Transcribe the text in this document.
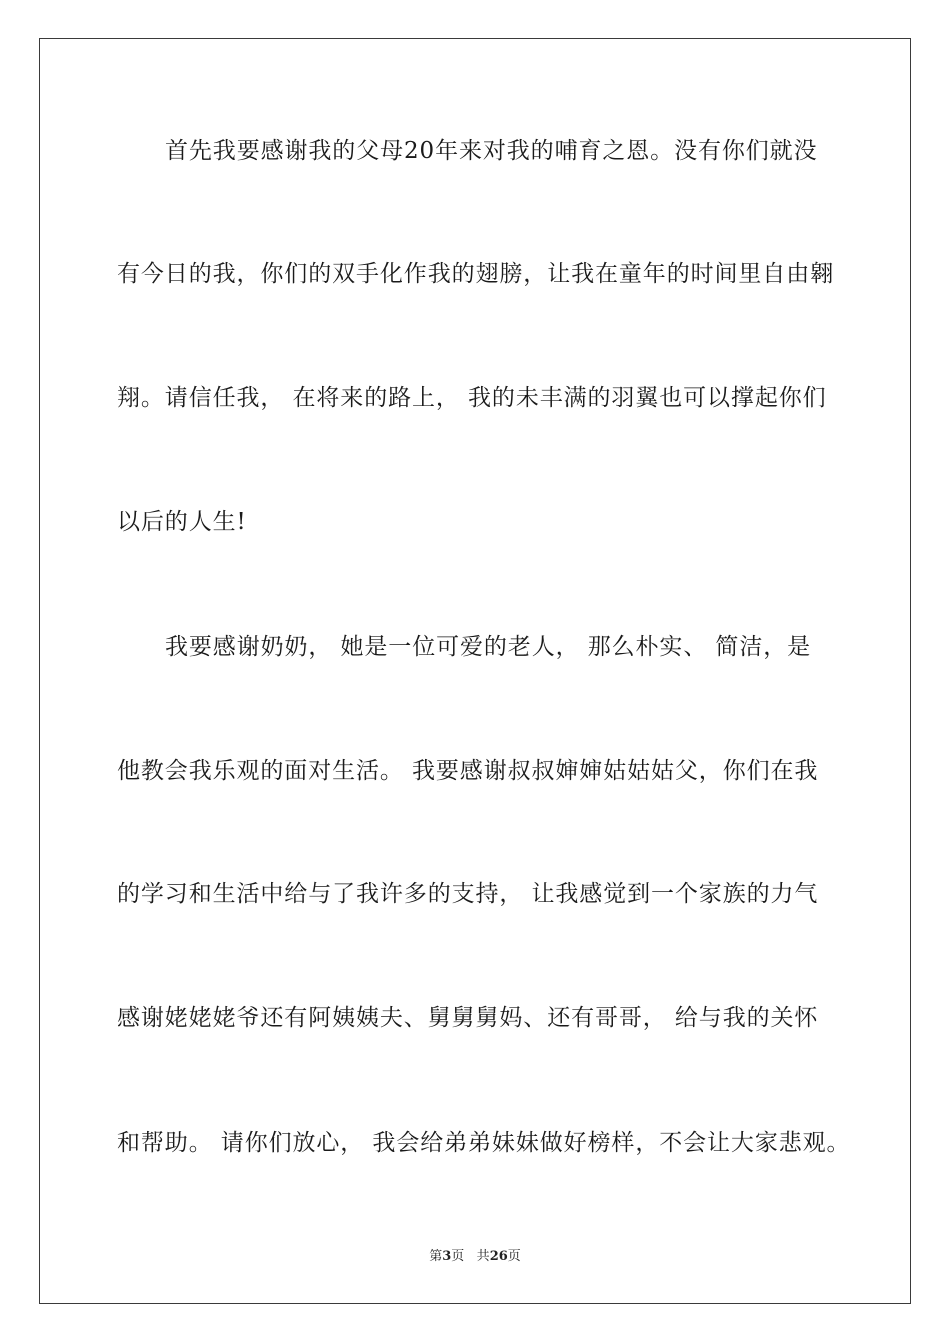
首先我要感谢我的父母20年来对我的哺育之恩。没有你们就没
有今日的我，你们的双手化作我的翅膀，让我在童年的时间里自由翱
翔。请信任我， 在将来的路上， 我的未丰满的羽翼也可以撑起你们
以后的人生!
我要感谢奶奶， 她是一位可爱的老人， 那么朴实、 简洁，是
他教会我乐观的面对生活。 我要感谢叔叔婶婶姑姑姑父，你们在我
的学习和生活中给与了我许多的支持， 让我感觉到一个家族的力气
感谢姥姥姥爷还有阿姨姨夫、舅舅舅妈、还有哥哥， 给与我的关怀
和帮助。 请你们放心， 我会给弟弟妹妹做好榜样，不会让大家悲观。
第3页 共26页
